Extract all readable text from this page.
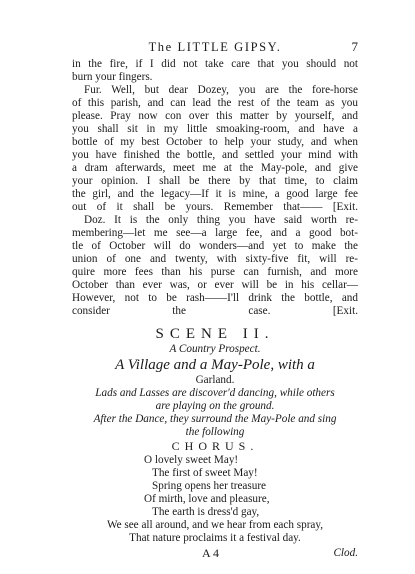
The LITTLE GIPSY.	7
in the fire, if I did not take care that you should not
burn your fingers.
Fur. Well, but dear Dozey, you are the fore-horse
of this parish, and can lead the rest of the team as you
please. Pray now con over this matter by yourself, and
you shall sit in my little smoaking-room, and have a
bottle of my best October to help your study, and when
you have finished the bottle, and settled your mind with
a dram afterwards, meet me at the May-pole, and give
your opinion. I shall be there by that time, to claim
the girl, and the legacy—If it is mine, a good large fee
out of it shall be yours. Remember that—— [Exit.
Doz. It is the only thing you have said worth re-
membering—let me see—a large fee, and a good bot-
tle of October will do wonders—and yet to make the
union of one and twenty, with sixty-five fit, will re-
quire more fees than his purse can furnish, and more
October than ever was, or ever will be in his cellar—
However, not to be rash——I'll drink the bottle, and
consider the case. [Exit.
SCENE II.
A Country Prospect.
A Village and a May-Pole, with a
Garland.
Lads and Lasses are discover'd dancing, while others
are playing on the ground.
After the Dance, they surround the May-Pole and sing
the following
CHORUS.
O lovely sweet May!
The first of sweet May!
Spring opens her treasure
Of mirth, love and pleasure,
The earth is dress'd gay,
We see all around, and we hear from each spray,
That nature proclaims it a festival day.
A 4	Clod.
